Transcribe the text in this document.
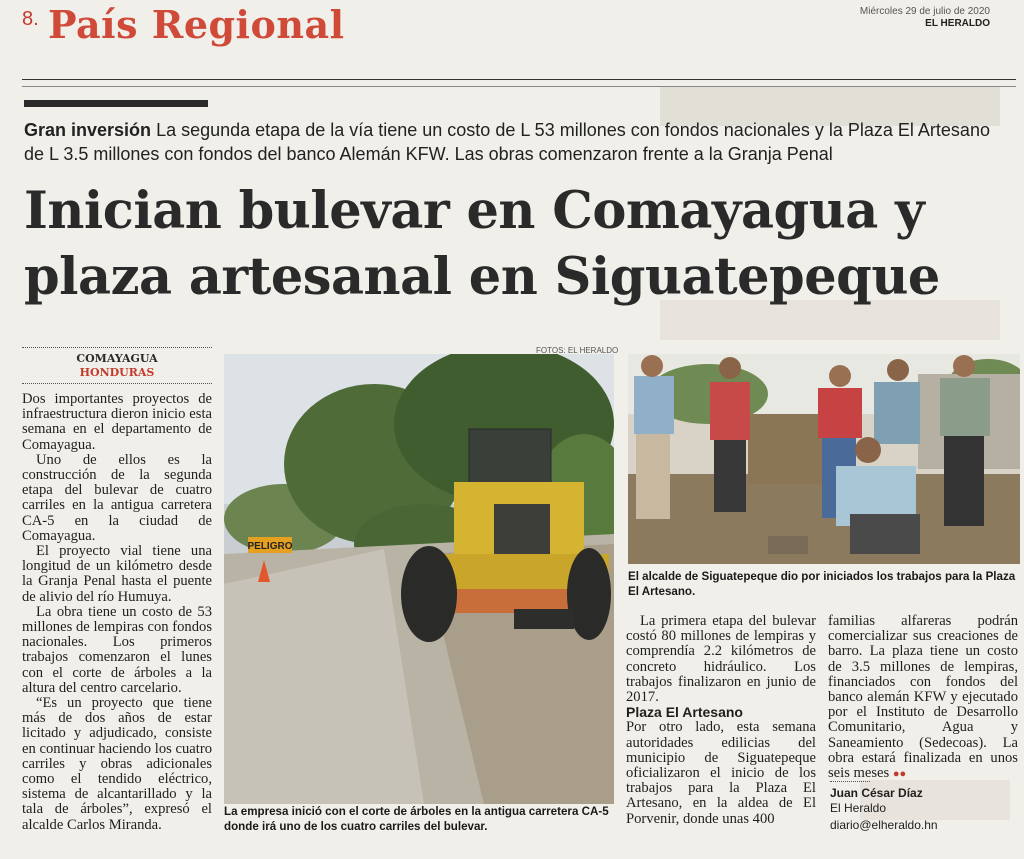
8. País Regional	Miércoles 29 de julio de 2020
EL HERALDO
Gran inversión La segunda etapa de la vía tiene un costo de L 53 millones con fondos nacionales y la Plaza El Artesano de L 3.5 millones con fondos del banco Alemán KFW. Las obras comenzaron frente a la Granja Penal
Inician bulevar en Comayagua y
plaza artesanal en Siguatepeque
COMAYAGUA
HONDURAS

Dos importantes proyectos de infraestructura dieron inicio esta semana en el departamento de Comayagua.

Uno de ellos es la construcción de la segunda etapa del bulevar de cuatro carriles en la antigua carretera CA-5 en la ciudad de Comayagua.

El proyecto vial tiene una longitud de un kilómetro desde la Granja Penal hasta el puente de alivio del río Humuya.

La obra tiene un costo de 53 millones de lempiras con fondos nacionales. Los primeros trabajos comenzaron el lunes con el corte de árboles a la altura del centro carcelario.

“Es un proyecto que tiene más de dos años de estar licitado y adjudicado, consiste en continuar haciendo los cuatro carriles y obras adicionales como el tendido eléctrico, sistema de alcantarillado y la tala de árboles”, expresó el alcalde Carlos Miranda.

PELIGRO
FOTOS: EL HERALDO
La empresa inició con el corte de árboles en la antigua carretera CA-5 donde irá uno de los cuatro carriles del bulevar.
El alcalde de Siguatepeque dio por iniciados los trabajos para la Plaza El Artesano.

La primera etapa del bulevar costó 80 millones de lempiras y comprendía 2.2 kilómetros de concreto hidráulico. Los trabajos finalizaron en junio de 2017.

Plaza El Artesano

Por otro lado, esta semana autoridades edilicias del municipio de Siguatepeque oficializaron el inicio de los trabajos para la Plaza El Artesano, en la aldea de El Porvenir, donde unas 400

familias alfareras podrán comercializar sus creaciones de barro. La plaza tiene un costo de 3.5 millones de lempiras, financiados con fondos del banco alemán KFW y ejecutado por el Instituto de Desarrollo Comunitario, Agua y Saneamiento (Sedecoas). La obra estará finalizada en unos seis meses ●●

Juan César Díaz
El Heraldo
diario@elheraldo.hn
